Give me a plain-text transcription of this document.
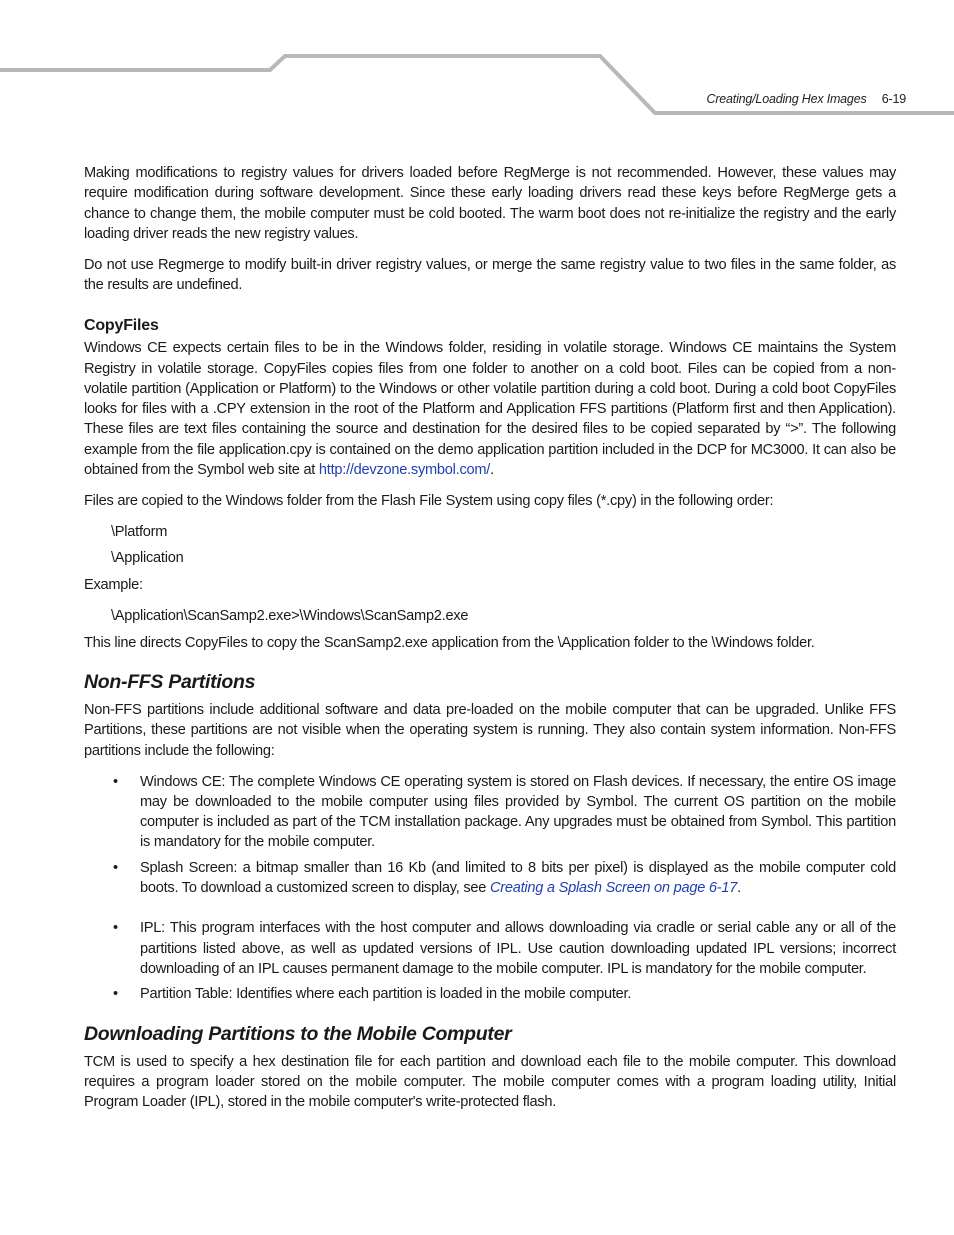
Creating/Loading Hex Images 6-19

Making modifications to registry values for drivers loaded before RegMerge is not recommended. However, these values may require modification during software development. Since these early loading drivers read these keys before RegMerge gets a chance to change them, the mobile computer must be cold booted. The warm boot does not re-initialize the registry and the early loading driver reads the new registry values.

Do not use Regmerge to modify built-in driver registry values, or merge the same registry value to two files in the same folder, as the results are undefined.

CopyFiles

Windows CE expects certain files to be in the Windows folder, residing in volatile storage. Windows CE maintains the System Registry in volatile storage. CopyFiles copies files from one folder to another on a cold boot. Files can be copied from a non-volatile partition (Application or Platform) to the Windows or other volatile partition during a cold boot. During a cold boot CopyFiles looks for files with a .CPY extension in the root of the Platform and Application FFS partitions (Platform first and then Application). These files are text files containing the source and destination for the desired files to be copied separated by “>”. The following example from the file application.cpy is contained on the demo application partition included in the DCP for MC3000. It can also be obtained from the Symbol web site at http://devzone.symbol.com/.

Files are copied to the Windows folder from the Flash File System using copy files (*.cpy) in the following order:

\Platform

\Application

Example:

\Application\ScanSamp2.exe>\Windows\ScanSamp2.exe

This line directs CopyFiles to copy the ScanSamp2.exe application from the \Application folder to the \Windows folder.

Non-FFS Partitions

Non-FFS partitions include additional software and data pre-loaded on the mobile computer that can be upgraded. Unlike FFS Partitions, these partitions are not visible when the operating system is running. They also contain system information. Non-FFS partitions include the following:

• Windows CE: The complete Windows CE operating system is stored on Flash devices. If necessary, the entire OS image may be downloaded to the mobile computer using files provided by Symbol. The current OS partition on the mobile computer is included as part of the TCM installation package. Any upgrades must be obtained from Symbol. This partition is mandatory for the mobile computer.
• Splash Screen: a bitmap smaller than 16 Kb (and limited to 8 bits per pixel) is displayed as the mobile computer cold boots. To download a customized screen to display, see Creating a Splash Screen on page 6-17.
• IPL: This program interfaces with the host computer and allows downloading via cradle or serial cable any or all of the partitions listed above, as well as updated versions of IPL. Use caution downloading updated IPL versions; incorrect downloading of an IPL causes permanent damage to the mobile computer. IPL is mandatory for the mobile computer.
• Partition Table: Identifies where each partition is loaded in the mobile computer.
Downloading Partitions to the Mobile Computer

TCM is used to specify a hex destination file for each partition and download each file to the mobile computer. This download requires a program loader stored on the mobile computer. The mobile computer comes with a program loading utility, Initial Program Loader (IPL), stored in the mobile computer's write-protected flash.
